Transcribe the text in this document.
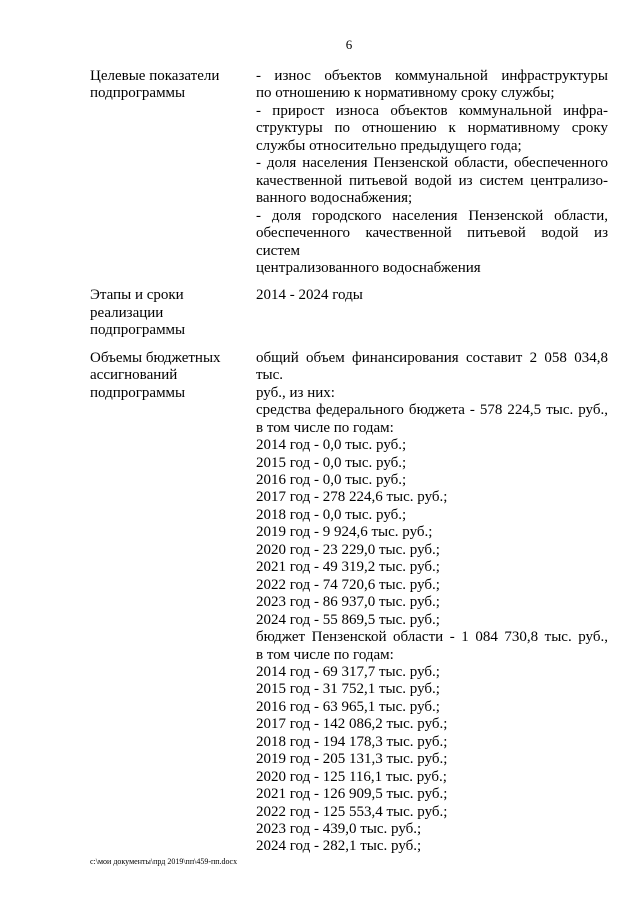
6
Целевые показатели
подпрограммы
- износ объектов коммунальной инфраструктуры
по отношению к нормативному сроку службы;
- прирост износа объектов коммунальной инфра-
структуры по отношению к нормативному сроку
службы относительно предыдущего года;
- доля населения Пензенской области, обеспеченного
качественной питьевой водой из систем централизо-
ванного водоснабжения;
- доля городского населения Пензенской области,
обеспеченного качественной питьевой водой из систем
централизованного водоснабжения
Этапы и сроки
реализации
подпрограммы
2014 - 2024 годы
Объемы бюджетных
ассигнований
подпрограммы
общий объем финансирования составит 2 058 034,8 тыс.
руб., из них:
средства федерального бюджета - 578 224,5 тыс. руб.,
в том числе по годам:
2014 год - 0,0 тыс. руб.;
2015 год - 0,0 тыс. руб.;
2016 год - 0,0 тыс. руб.;
2017 год - 278 224,6 тыс. руб.;
2018 год - 0,0 тыс. руб.;
2019 год - 9 924,6 тыс. руб.;
2020 год - 23 229,0 тыс. руб.;
2021 год - 49 319,2 тыс. руб.;
2022 год - 74 720,6 тыс. руб.;
2023 год - 86 937,0 тыс. руб.;
2024 год - 55 869,5 тыс. руб.;
бюджет Пензенской области - 1 084 730,8 тыс. руб.,
в том числе по годам:
2014 год - 69 317,7 тыс. руб.;
2015 год - 31 752,1 тыс. руб.;
2016 год - 63 965,1 тыс. руб.;
2017 год - 142 086,2 тыс. руб.;
2018 год - 194 178,3 тыс. руб.;
2019 год - 205 131,3 тыс. руб.;
2020 год - 125 116,1 тыс. руб.;
2021 год - 126 909,5 тыс. руб.;
2022 год - 125 553,4 тыс. руб.;
2023 год - 439,0 тыс. руб.;
2024 год - 282,1 тыс. руб.;
c:\мои документы\прд 2019\пп\459-пп.docx
